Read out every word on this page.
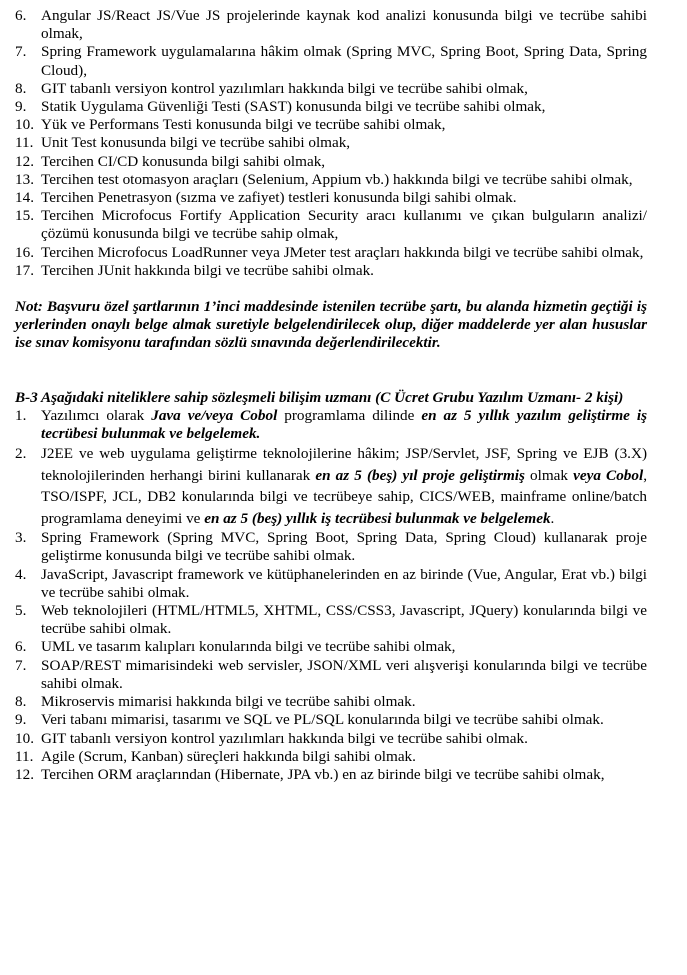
6. Angular JS/React JS/Vue JS projelerinde kaynak kod analizi konusunda bilgi ve tecrübe sahibi olmak,
7. Spring Framework uygulamalarına hâkim olmak (Spring MVC, Spring Boot, Spring Data, Spring Cloud),
8. GIT tabanlı versiyon kontrol yazılımları hakkında bilgi ve tecrübe sahibi olmak,
9. Statik Uygulama Güvenliği Testi (SAST) konusunda bilgi ve tecrübe sahibi olmak,
10. Yük ve Performans Testi konusunda bilgi ve tecrübe sahibi olmak,
11. Unit Test konusunda bilgi ve tecrübe sahibi olmak,
12. Tercihen CI/CD konusunda bilgi sahibi olmak,
13. Tercihen test otomasyon araçları (Selenium, Appium vb.) hakkında bilgi ve tecrübe sahibi olmak,
14. Tercihen Penetrasyon (sızma ve zafiyet) testleri konusunda bilgi sahibi olmak.
15. Tercihen Microfocus Fortify Application Security aracı kullanımı ve çıkan bulguların analizi/çözümü konusunda bilgi ve tecrübe sahip olmak,
16. Tercihen Microfocus LoadRunner veya JMeter test araçları hakkında bilgi ve tecrübe sahibi olmak,
17. Tercihen JUnit hakkında bilgi ve tecrübe sahibi olmak.
Not: Başvuru özel şartlarının 1’inci maddesinde istenilen tecrübe şartı, bu alanda hizmetin geçtiği iş yerlerinden onaylı belge almak suretiyle belgelendirilecek olup, diğer maddelerde yer alan hususlar ise sınav komisyonu tarafından sözlü sınavında değerlendirilecektir.
B-3 Aşağıdaki niteliklere sahip sözleşmeli bilişim uzmanı (C Ücret Grubu Yazılım Uzmanı- 2 kişi)
1. Yazılımcı olarak Java ve/veya Cobol programlama dilinde en az 5 yıllık yazılım geliştirme iş tecrübesi bulunmak ve belgelemek.
2. J2EE ve web uygulama geliştirme teknolojilerine hâkim; JSP/Servlet, JSF, Spring ve EJB (3.X) teknolojilerinden herhangi birini kullanarak en az 5 (beş) yıl proje geliştirmiş olmak veya Cobol, TSO/ISPF, JCL, DB2 konularında bilgi ve tecrübeye sahip, CICS/WEB, mainframe online/batch programlama deneyimi ve en az 5 (beş) yıllık iş tecrübesi bulunmak ve belgelemek.
3. Spring Framework (Spring MVC, Spring Boot, Spring Data, Spring Cloud) kullanarak proje geliştirme konusunda bilgi ve tecrübe sahibi olmak.
4. JavaScript, Javascript framework ve kütüphanelerinden en az birinde (Vue, Angular, Erat vb.) bilgi ve tecrübe sahibi olmak.
5. Web teknolojileri (HTML/HTML5, XHTML, CSS/CSS3, Javascript, JQuery) konularında bilgi ve tecrübe sahibi olmak.
6. UML ve tasarım kalıpları konularında bilgi ve tecrübe sahibi olmak,
7. SOAP/REST mimarisindeki web servisler, JSON/XML veri alışverişi konularında bilgi ve tecrübe sahibi olmak.
8. Mikroservis mimarisi hakkında bilgi ve tecrübe sahibi olmak.
9. Veri tabanı mimarisi, tasarımı ve SQL ve PL/SQL konularında bilgi ve tecrübe sahibi olmak.
10. GIT tabanlı versiyon kontrol yazılımları hakkında bilgi ve tecrübe sahibi olmak.
11. Agile (Scrum, Kanban) süreçleri hakkında bilgi sahibi olmak.
12. Tercihen ORM araçlarından (Hibernate, JPA vb.) en az birinde bilgi ve tecrübe sahibi olmak,
